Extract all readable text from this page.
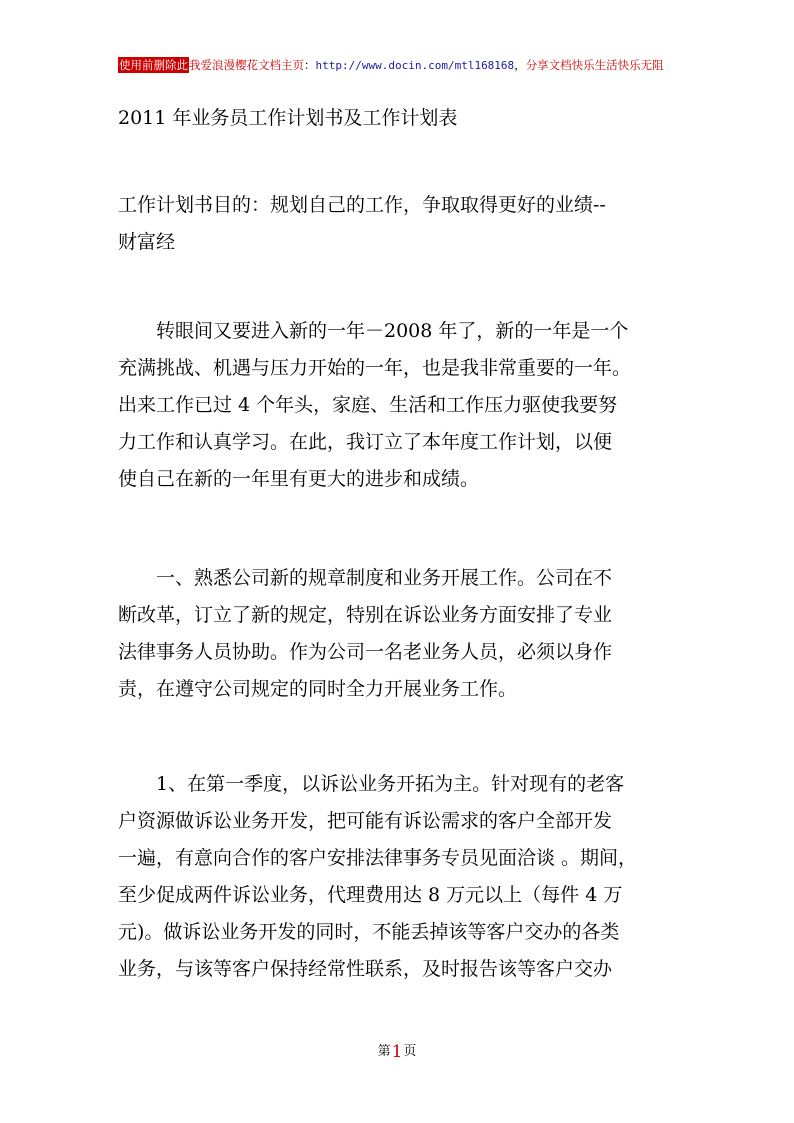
使用前删除此我爱浪漫樱花文档主页：http://www.docin.com/mtl168168，分享文档快乐生活快乐无阻
2011 年业务员工作计划书及工作计划表
工作计划书目的：规划自己的工作，争取取得更好的业绩--
财富经
转眼间又要进入新的一年－2008 年了，新的一年是一个
充满挑战、机遇与压力开始的一年，也是我非常重要的一年。
出来工作已过 4 个年头，家庭、生活和工作压力驱使我要努
力工作和认真学习。在此，我订立了本年度工作计划，以便
使自己在新的一年里有更大的进步和成绩。
一、熟悉公司新的规章制度和业务开展工作。公司在不
断改革，订立了新的规定，特别在诉讼业务方面安排了专业
法律事务人员协助。作为公司一名老业务人员，必须以身作
责，在遵守公司规定的同时全力开展业务工作。
1、在第一季度，以诉讼业务开拓为主。针对现有的老客
户资源做诉讼业务开发，把可能有诉讼需求的客户全部开发
一遍，有意向合作的客户安排法律事务专员见面洽谈 。期间，
至少促成两件诉讼业务，代理费用达 8 万元以上（每件 4 万
元)。做诉讼业务开发的同时，不能丢掉该等客户交办的各类
业务，与该等客户保持经常性联系，及时报告该等客户交办
第1页
